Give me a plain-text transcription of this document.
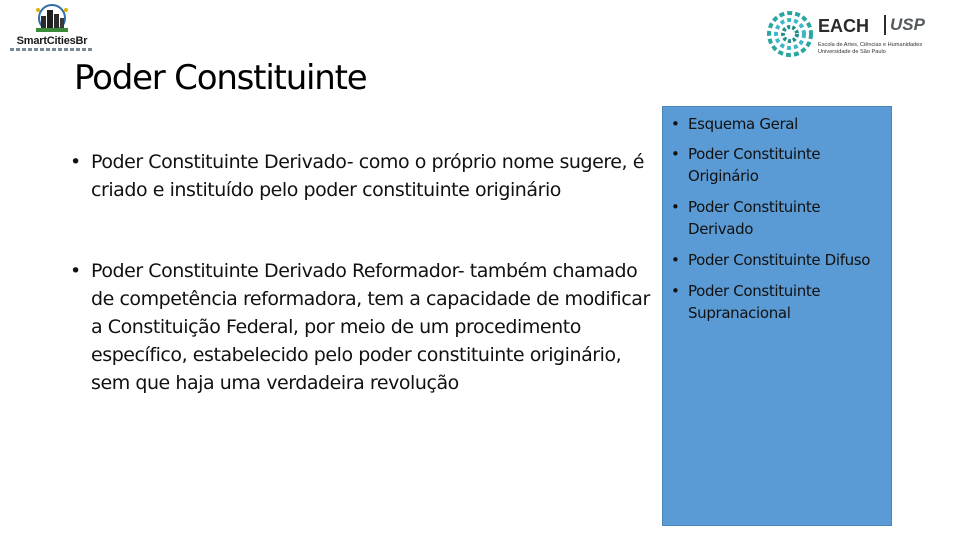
SmartCitiesBr
EACH	USP
Escola de Artes, Ciências e Humanidades
Universidade de São Paulo
Poder Constituinte
• Poder Constituinte Derivado- como o próprio nome sugere, é criado e instituído pelo poder constituinte originário
• Poder Constituinte Derivado Reformador- também chamado de competência reformadora, tem a capacidade de modificar a Constituição Federal, por meio de um procedimento específico, estabelecido pelo poder constituinte originário, sem que haja uma verdadeira revolução
• Esquema Geral
• Poder Constituinte Originário
• Poder Constituinte Derivado
• Poder Constituinte Difuso
• Poder Constituinte Supranacional
